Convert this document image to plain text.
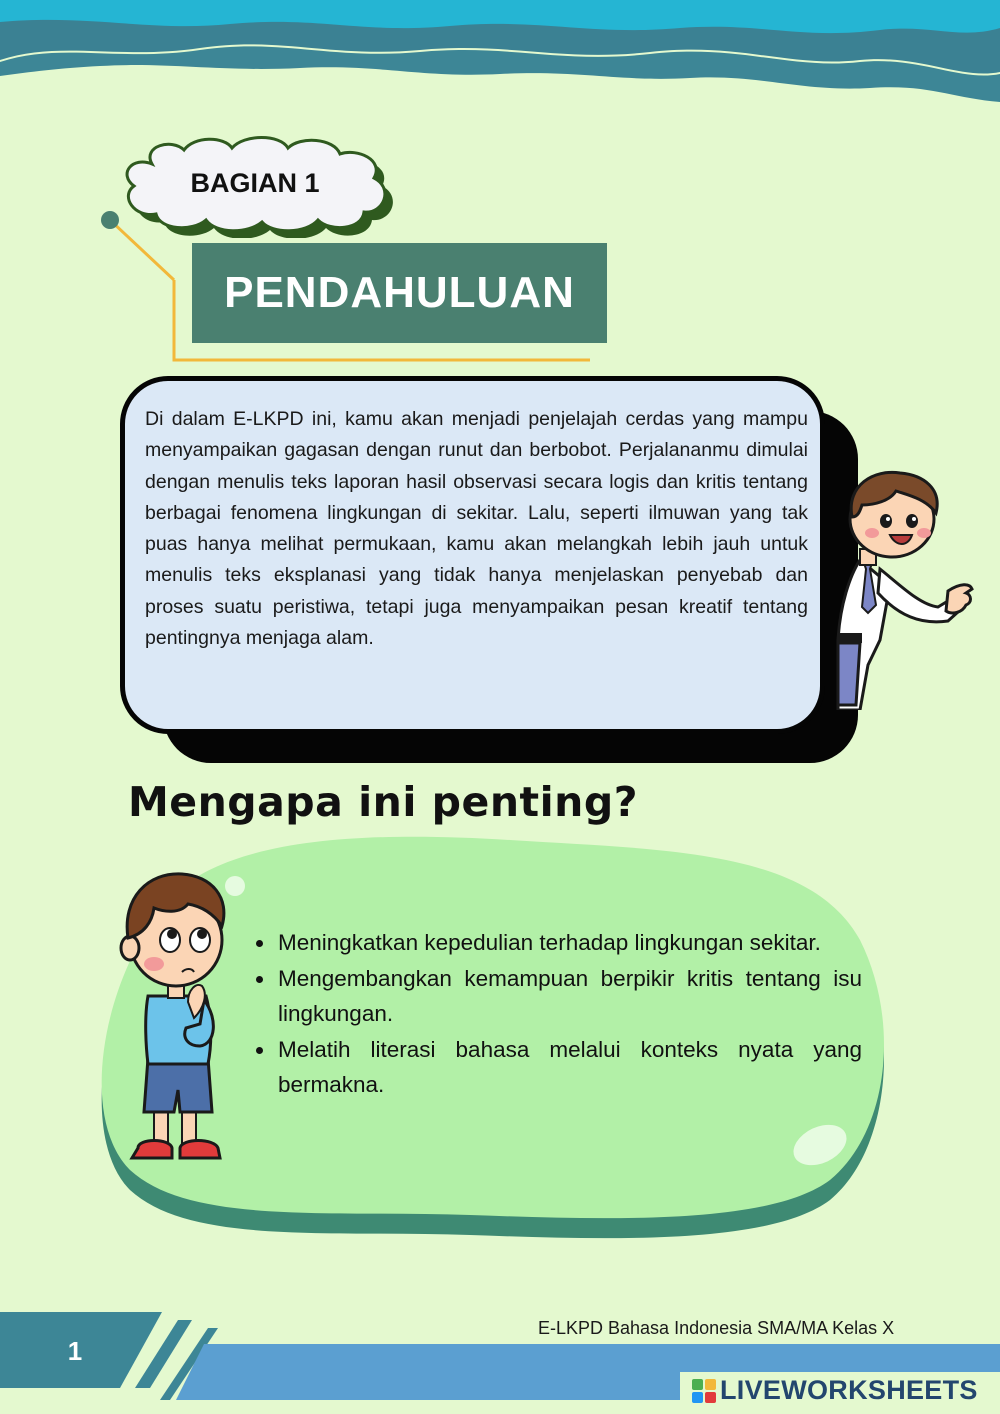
BAGIAN 1
PENDAHULUAN

Di dalam E-LKPD ini, kamu akan menjadi penjelajah cerdas yang mampu menyampaikan gagasan dengan runut dan berbobot. Perjalananmu dimulai dengan menulis teks laporan hasil observasi secara logis dan kritis tentang berbagai fenomena lingkungan di sekitar. Lalu, seperti ilmuwan yang tak puas hanya melihat permukaan, kamu akan melangkah lebih jauh untuk menulis teks eksplanasi yang tidak hanya menjelaskan penyebab dan proses suatu peristiwa, tetapi juga menyampaikan pesan kreatif tentang pentingnya menjaga alam.

Mengapa ini penting?
• Meningkatkan kepedulian terhadap lingkungan sekitar.
• Mengembangkan kemampuan berpikir kritis tentang isu lingkungan.
• Melatih literasi bahasa melalui konteks nyata yang bermakna.
E-LKPD Bahasa Indonesia SMA/MA Kelas X
1
LIVEWORKSHEETS
